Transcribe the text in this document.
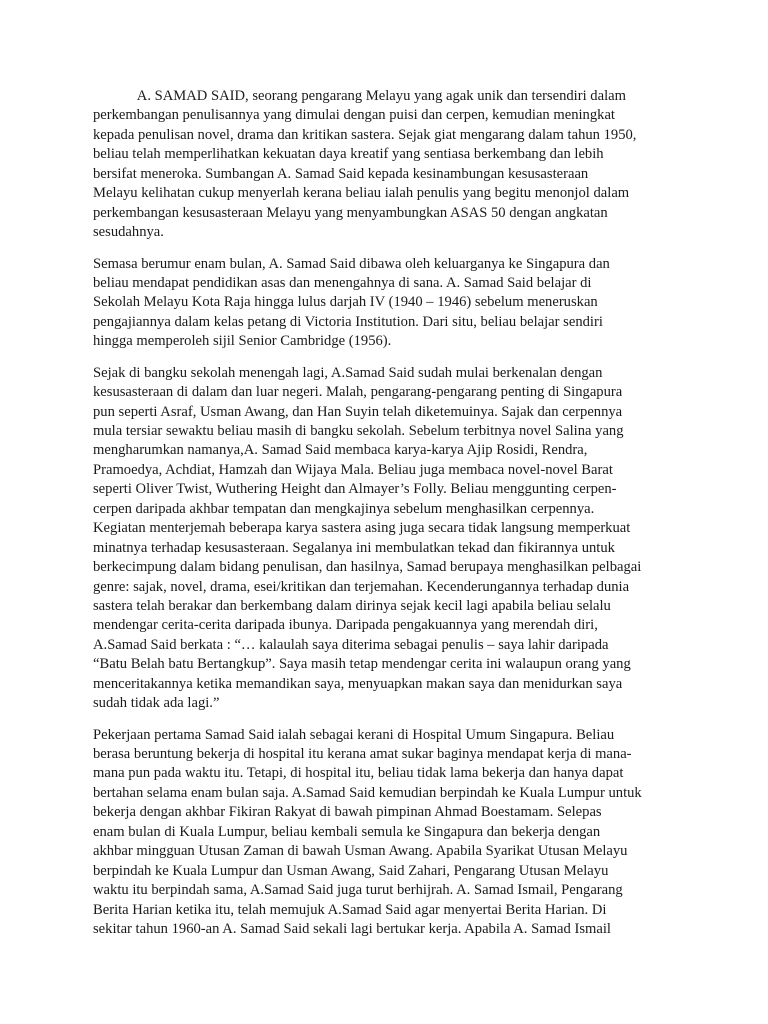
A. SAMAD SAID, seorang pengarang Melayu yang agak unik dan tersendiri dalam
perkembangan penulisannya yang dimulai dengan puisi dan cerpen, kemudian meningkat
kepada penulisan novel, drama dan kritikan sastera. Sejak giat mengarang dalam tahun 1950,
beliau telah memperlihatkan kekuatan daya kreatif yang sentiasa berkembang dan lebih
bersifat meneroka. Sumbangan A. Samad Said kepada kesinambungan kesusasteraan
Melayu kelihatan cukup menyerlah kerana beliau ialah penulis yang begitu menonjol dalam
perkembangan kesusasteraan Melayu yang menyambungkan ASAS 50 dengan angkatan
sesudahnya.
Semasa berumur enam bulan, A. Samad Said dibawa oleh keluarganya ke Singapura dan
beliau mendapat pendidikan asas dan menengahnya di sana. A. Samad Said belajar di
Sekolah Melayu Kota Raja hingga lulus darjah IV (1940 – 1946) sebelum meneruskan
pengajiannya dalam kelas petang di Victoria Institution. Dari situ, beliau belajar sendiri
hingga memperoleh sijil Senior Cambridge (1956).
Sejak di bangku sekolah menengah lagi, A.Samad Said sudah mulai berkenalan dengan
kesusasteraan di dalam dan luar negeri. Malah, pengarang-pengarang penting di Singapura
pun seperti Asraf, Usman Awang, dan Han Suyin telah diketemuinya. Sajak dan cerpennya
mula tersiar sewaktu beliau masih di bangku sekolah. Sebelum terbitnya novel Salina yang
mengharumkan namanya,A. Samad Said membaca karya-karya Ajip Rosidi, Rendra,
Pramoedya, Achdiat, Hamzah dan Wijaya Mala. Beliau juga membaca novel-novel Barat
seperti Oliver Twist, Wuthering Height dan Almayer’s Folly. Beliau menggunting cerpen-
cerpen daripada akhbar tempatan dan mengkajinya sebelum menghasilkan cerpennya.
Kegiatan menterjemah beberapa karya sastera asing juga secara tidak langsung memperkuat
minatnya terhadap kesusasteraan. Segalanya ini membulatkan tekad dan fikirannya untuk
berkecimpung dalam bidang penulisan, dan hasilnya, Samad berupaya menghasilkan pelbagai
genre: sajak, novel, drama, esei/kritikan dan terjemahan. Kecenderungannya terhadap dunia
sastera telah berakar dan berkembang dalam dirinya sejak kecil lagi apabila beliau selalu
mendengar cerita-cerita daripada ibunya. Daripada pengakuannya yang merendah diri,
A.Samad Said berkata : “… kalaulah saya diterima sebagai penulis – saya lahir daripada
“Batu Belah batu Bertangkup”. Saya masih tetap mendengar cerita ini walaupun orang yang
menceritakannya ketika memandikan saya, menyuapkan makan saya dan menidurkan saya
sudah tidak ada lagi.”
Pekerjaan pertama Samad Said ialah sebagai kerani di Hospital Umum Singapura. Beliau
berasa beruntung bekerja di hospital itu kerana amat sukar baginya mendapat kerja di mana-
mana pun pada waktu itu. Tetapi, di hospital itu, beliau tidak lama bekerja dan hanya dapat
bertahan selama enam bulan saja. A.Samad Said kemudian berpindah ke Kuala Lumpur untuk
bekerja dengan akhbar Fikiran Rakyat di bawah pimpinan Ahmad Boestamam. Selepas
enam bulan di Kuala Lumpur, beliau kembali semula ke Singapura dan bekerja dengan
akhbar mingguan Utusan Zaman di bawah Usman Awang. Apabila Syarikat Utusan Melayu
berpindah ke Kuala Lumpur dan Usman Awang, Said Zahari, Pengarang Utusan Melayu
waktu itu berpindah sama, A.Samad Said juga turut berhijrah. A. Samad Ismail, Pengarang
Berita Harian ketika itu, telah memujuk A.Samad Said agar menyertai Berita Harian. Di
sekitar tahun 1960-an A. Samad Said sekali lagi bertukar kerja. Apabila A. Samad Ismail
